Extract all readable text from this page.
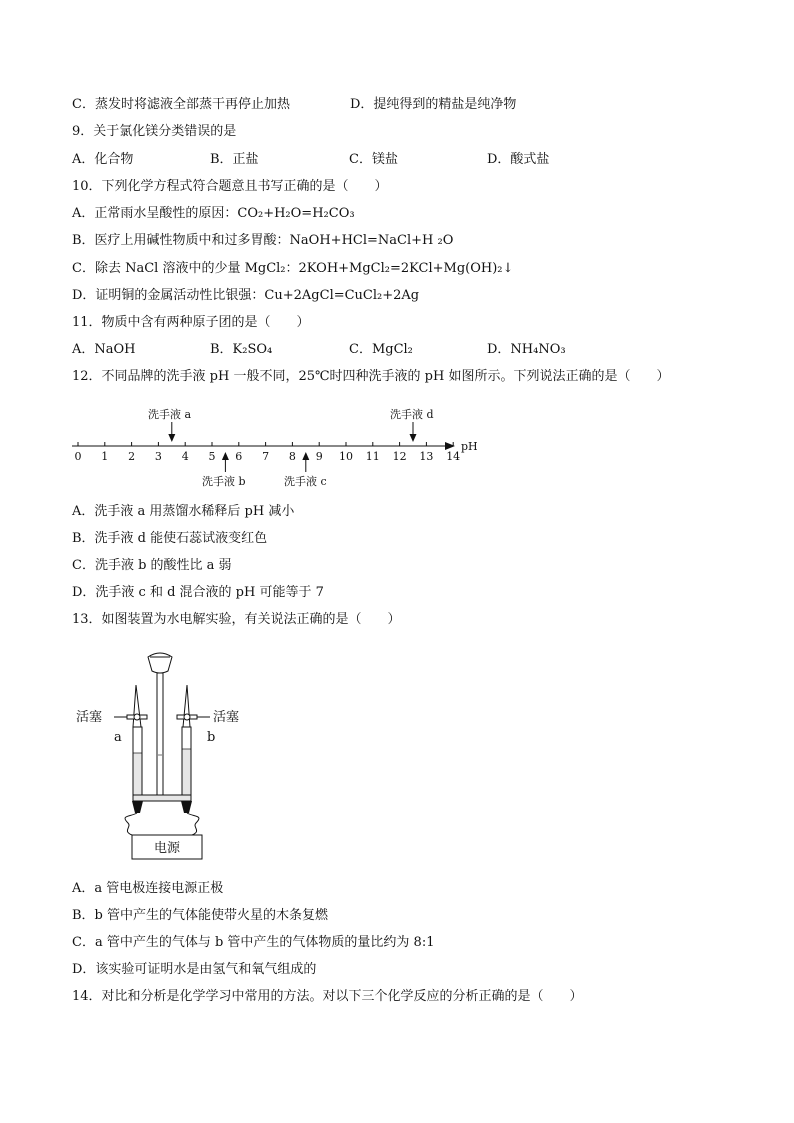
C．蒸发时将滤液全部蒸干再停止加热	D．提纯得到的精盐是纯净物
9．关于氯化镁分类错误的是
A．化合物	B．正盐	C．镁盐	D．酸式盐
10．下列化学方程式符合题意且书写正确的是（　　）
A．正常雨水呈酸性的原因：CO₂+H₂O=H₂CO₃
B．医疗上用碱性物质中和过多胃酸：NaOH+HCl=NaCl+H ₂O
C．除去 NaCl 溶液中的少量 MgCl₂：2KOH+MgCl₂=2KCl+Mg(OH)₂↓
D．证明铜的金属活动性比银强：Cu+2AgCl=CuCl₂+2Ag
11．物质中含有两种原子团的是（　　）
A．NaOH	B．K₂SO₄	C．MgCl₂	D．NH₄NO₃
12．不同品牌的洗手液 pH 一般不同，25℃时四种洗手液的 pH 如图所示。下列说法正确的是（　　）
0 1 2 3 4 5 6 7 8 9 10 11 12 13 14
pH
洗手液 a	洗手液 d
洗手液 b	洗手液 c
A．洗手液 a 用蒸馏水稀释后 pH 减小
B．洗手液 d 能使石蕊试液变红色
C．洗手液 b 的酸性比 a 弱
D．洗手液 c 和 d 混合液的 pH 可能等于 7
13．如图装置为水电解实验，有关说法正确的是（　　）
电源
活塞	活塞
a	b
A．a 管电极连接电源正极
B．b 管中产生的气体能使带火星的木条复燃
C．a 管中产生的气体与 b 管中产生的气体物质的量比约为 8:1
D．该实验可证明水是由氢气和氧气组成的
14．对比和分析是化学学习中常用的方法。对以下三个化学反应的分析正确的是（　　）
